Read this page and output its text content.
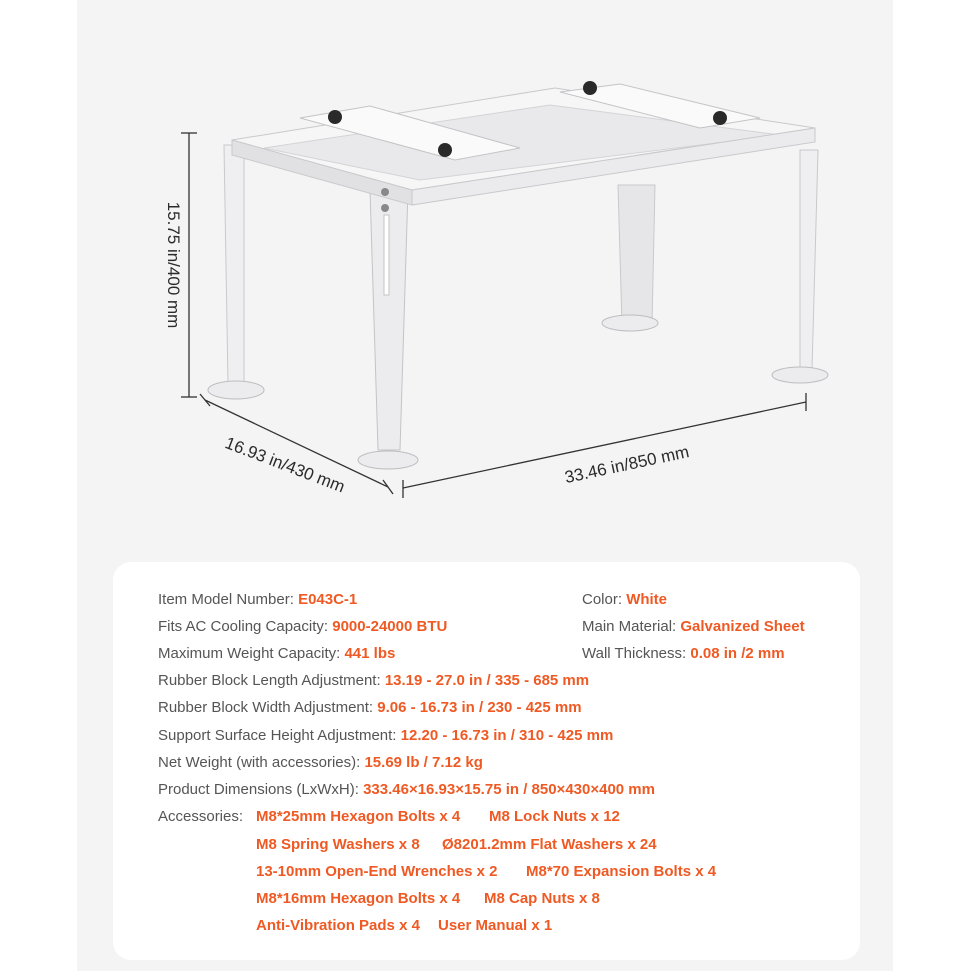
15.75 in/400 mm
16.93 in/430 mm	33.46 in/850 mm
Item Model Number: E043C-1
Fits AC Cooling Capacity: 9000-24000 BTU
Maximum Weight Capacity: 441 lbs
Rubber Block Length Adjustment: 13.19 - 27.0 in / 335 - 685 mm
Rubber Block Width Adjustment: 9.06 - 16.73 in / 230 - 425 mm
Support Surface Height Adjustment: 12.20 - 16.73 in / 310 - 425 mm
Net Weight (with accessories): 15.69 lb / 7.12 kg
Product Dimensions (LxWxH): 333.46×16.93×15.75 in / 850×430×400 mm
Color: White
Main Material: Galvanized Sheet
Wall Thickness: 0.08 in /2 mm
Accessories: M8*25mm Hexagon Bolts x 4 M8 Lock Nuts x 12
M8 Spring Washers x 8 Ø8201.2mm Flat Washers x 24
13-10mm Open-End Wrenches x 2 M8*70 Expansion Bolts x 4
M8*16mm Hexagon Bolts x 4 M8 Cap Nuts x 8
Anti-Vibration Pads x 4 User Manual x 1
